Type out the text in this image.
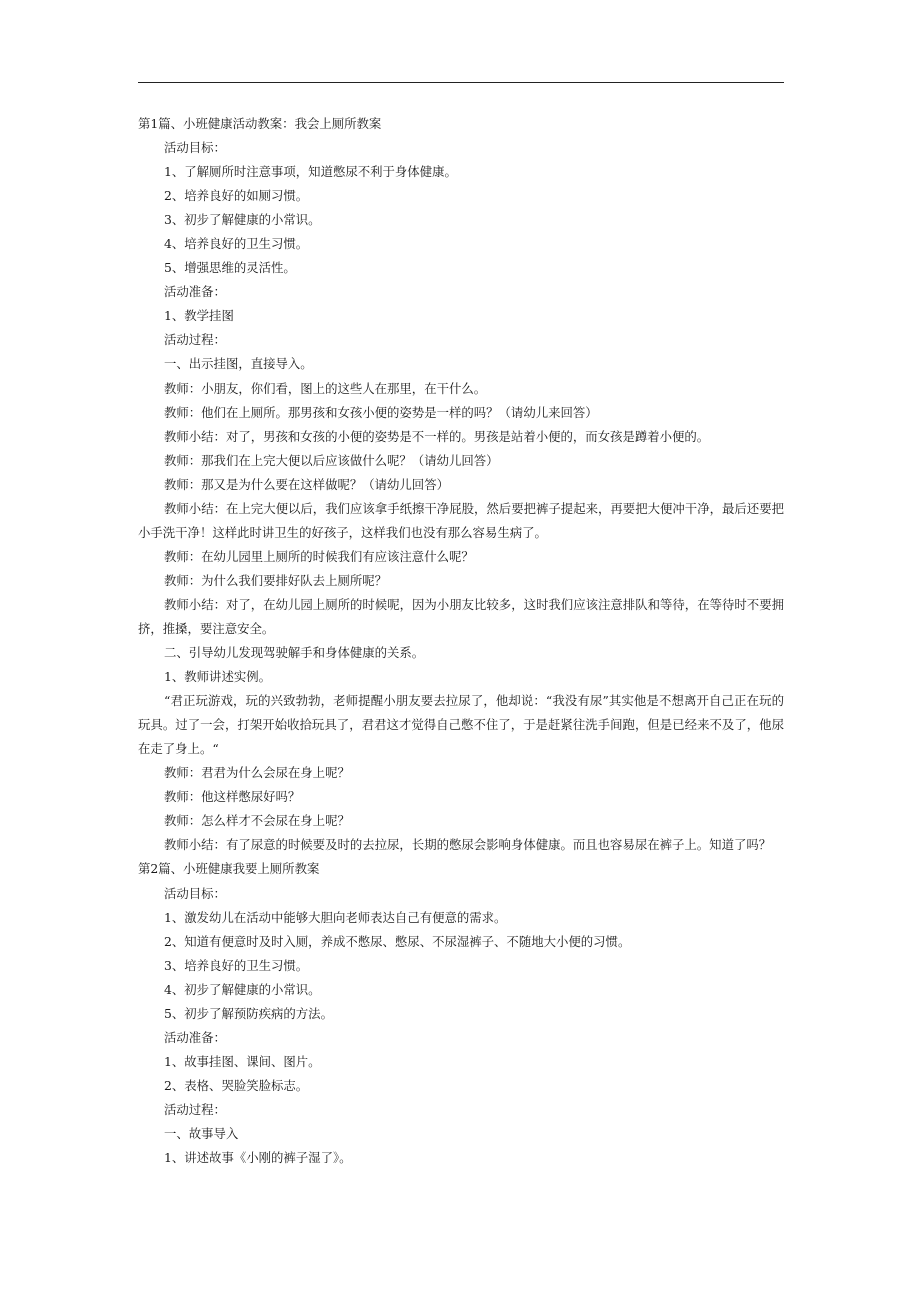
第1篇、小班健康活动教案：我会上厕所教案
活动目标：
1、了解厕所时注意事项，知道憋尿不利于身体健康。
2、培养良好的如厕习惯。
3、初步了解健康的小常识。
4、培养良好的卫生习惯。
5、增强思维的灵活性。
活动准备：
1、教学挂图
活动过程：
一、出示挂图，直接导入。
教师：小朋友，你们看，图上的这些人在那里，在干什么。
教师：他们在上厕所。那男孩和女孩小便的姿势是一样的吗？（请幼儿来回答）
教师小结：对了，男孩和女孩的小便的姿势是不一样的。男孩是站着小便的，而女孩是蹲着小便的。
教师：那我们在上完大便以后应该做什么呢？（请幼儿回答）
教师：那又是为什么要在这样做呢？（请幼儿回答）
教师小结：在上完大便以后，我们应该拿手纸擦干净屁股，然后要把裤子提起来，再要把大便冲干净，最后还要把小手洗干净！这样此时讲卫生的好孩子，这样我们也没有那么容易生病了。
教师：在幼儿园里上厕所的时候我们有应该注意什么呢？
教师：为什么我们要排好队去上厕所呢？
教师小结：对了，在幼儿园上厕所的时候呢，因为小朋友比较多，这时我们应该注意排队和等待，在等待时不要拥挤，推搡，要注意安全。
二、引导幼儿发现驾驶解手和身体健康的关系。
1、教师讲述实例。
“君正玩游戏，玩的兴致勃勃，老师提醒小朋友要去拉尿了，他却说：“我没有尿”其实他是不想离开自己正在玩的玩具。过了一会，打架开始收拾玩具了，君君这才觉得自己憋不住了，于是赶紧往洗手间跑，但是已经来不及了，他尿在走了身上。“
教师：君君为什么会尿在身上呢？
教师：他这样憋尿好吗？
教师：怎么样才不会尿在身上呢？
教师小结：有了尿意的时候要及时的去拉尿，长期的憋尿会影响身体健康。而且也容易尿在裤子上。知道了吗？
第2篇、小班健康我要上厕所教案
活动目标：
1、激发幼儿在活动中能够大胆向老师表达自己有便意的需求。
2、知道有便意时及时入厕，养成不憋尿、憋尿、不尿湿裤子、不随地大小便的习惯。
3、培养良好的卫生习惯。
4、初步了解健康的小常识。
5、初步了解预防疾病的方法。
活动准备：
1、故事挂图、课间、图片。
2、表格、哭脸笑脸标志。
活动过程：
一、故事导入
1、讲述故事《小刚的裤子湿了》。
